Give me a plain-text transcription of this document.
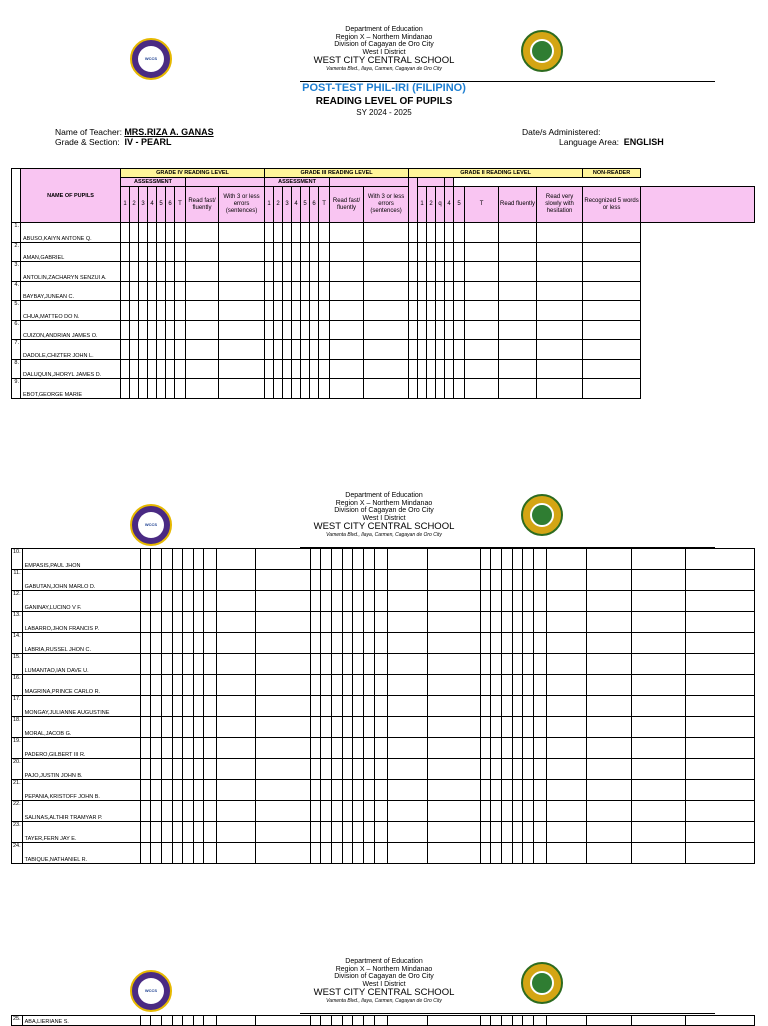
WCCS
Department of Education
Region X – Northern Mindanao
Division of Cagayan de Oro City
West I District
WEST CITY CENTRAL SCHOOL
Vamenta Blvd., Ilaya, Carmen, Cagayan de Oro City
POST-TEST PHIL-IRI (FILIPINO)
READING LEVEL OF PUPILS
SY 2024 - 2025
Name of Teacher: MRS.RIZA A. GANAS
Grade & Section: IV - PEARL
Date/s Administered:
Language Area: ENGLISH
	NAME OF PUPILS	GRADE IV READING LEVEL									GRADE III READING LEVEL									GRADE II READING LEVEL									NON-READER	
		ASSESSMENT									ASSESSMENT																			
		1	2	3	4	5	6	T	Read fast/ fluently	With 3 or less errors (sentences)	1	2	3	4	5	6	T	Read fast/ fluently	With 3 or less errors (sentences)		1	2	q	4	5	T	Read fluently	Read very slowly with hesitation	Recognized 5 words or less	
1.	ABUSO,KAIYN ANTONE Q.																													
2.	AMAN,GABRIEL																													
3.	ANTOLIN,ZACHARYN SENZUI A.																													
4.	BAYBAY,JUNEAN C.																													
5.	CHUA,MATTEO DO N.																													
6.	CUIZON,ANDRIAN JAMES O.																													
7.	DADOLE,CHIZTER JOHN L.																													
8.	DALUQUIN,JHORYL JAMES D.																													
9.	EBOT,GEORGE MARIE																													
WCCS
Department of Education
Region X – Northern Mindanao
Division of Cagayan de Oro City
West I District
WEST CITY CENTRAL SCHOOL
Vamenta Blvd., Ilaya, Carmen, Cagayan de Oro City
10.	EMPASIS,PAUL JHON																												
11.	GABUTAN,JOHN MARLO D.																												
12.	GANINAY,LUCINO V F.																												
13.	LABARRO,JHON FRANCIS P.																												
14.	LABRIA,RUSSEL JHON C.																												
15.	LUMANTAO,IAN DAVE U.																												
16.	MAGRINA,PRINCE CARLO R.																												
17.	MONGAY,JULIANNE AUGUSTINE																												
18.	MORAL,JACOB G.																												
19.	PADERO,GILBERT III R.																												
20.	PAJO,JUSTIN JOHN B.																												
21.	PEPANIA,KRISTOFF JOHN B.																												
22.	SALINAS,ALTHIR TRAMYAR P.																												
23.	TAYER,FERN JAY E.																												
24.	TABIQUE,NATHANIEL R.																												
WCCS
Department of Education
Region X – Northern Mindanao
Division of Cagayan de Oro City
West I District
WEST CITY CENTRAL SCHOOL
Vamenta Blvd., Ilaya, Carmen, Cagayan de Oro City
25.	ABA,LIERIANE S.																												
